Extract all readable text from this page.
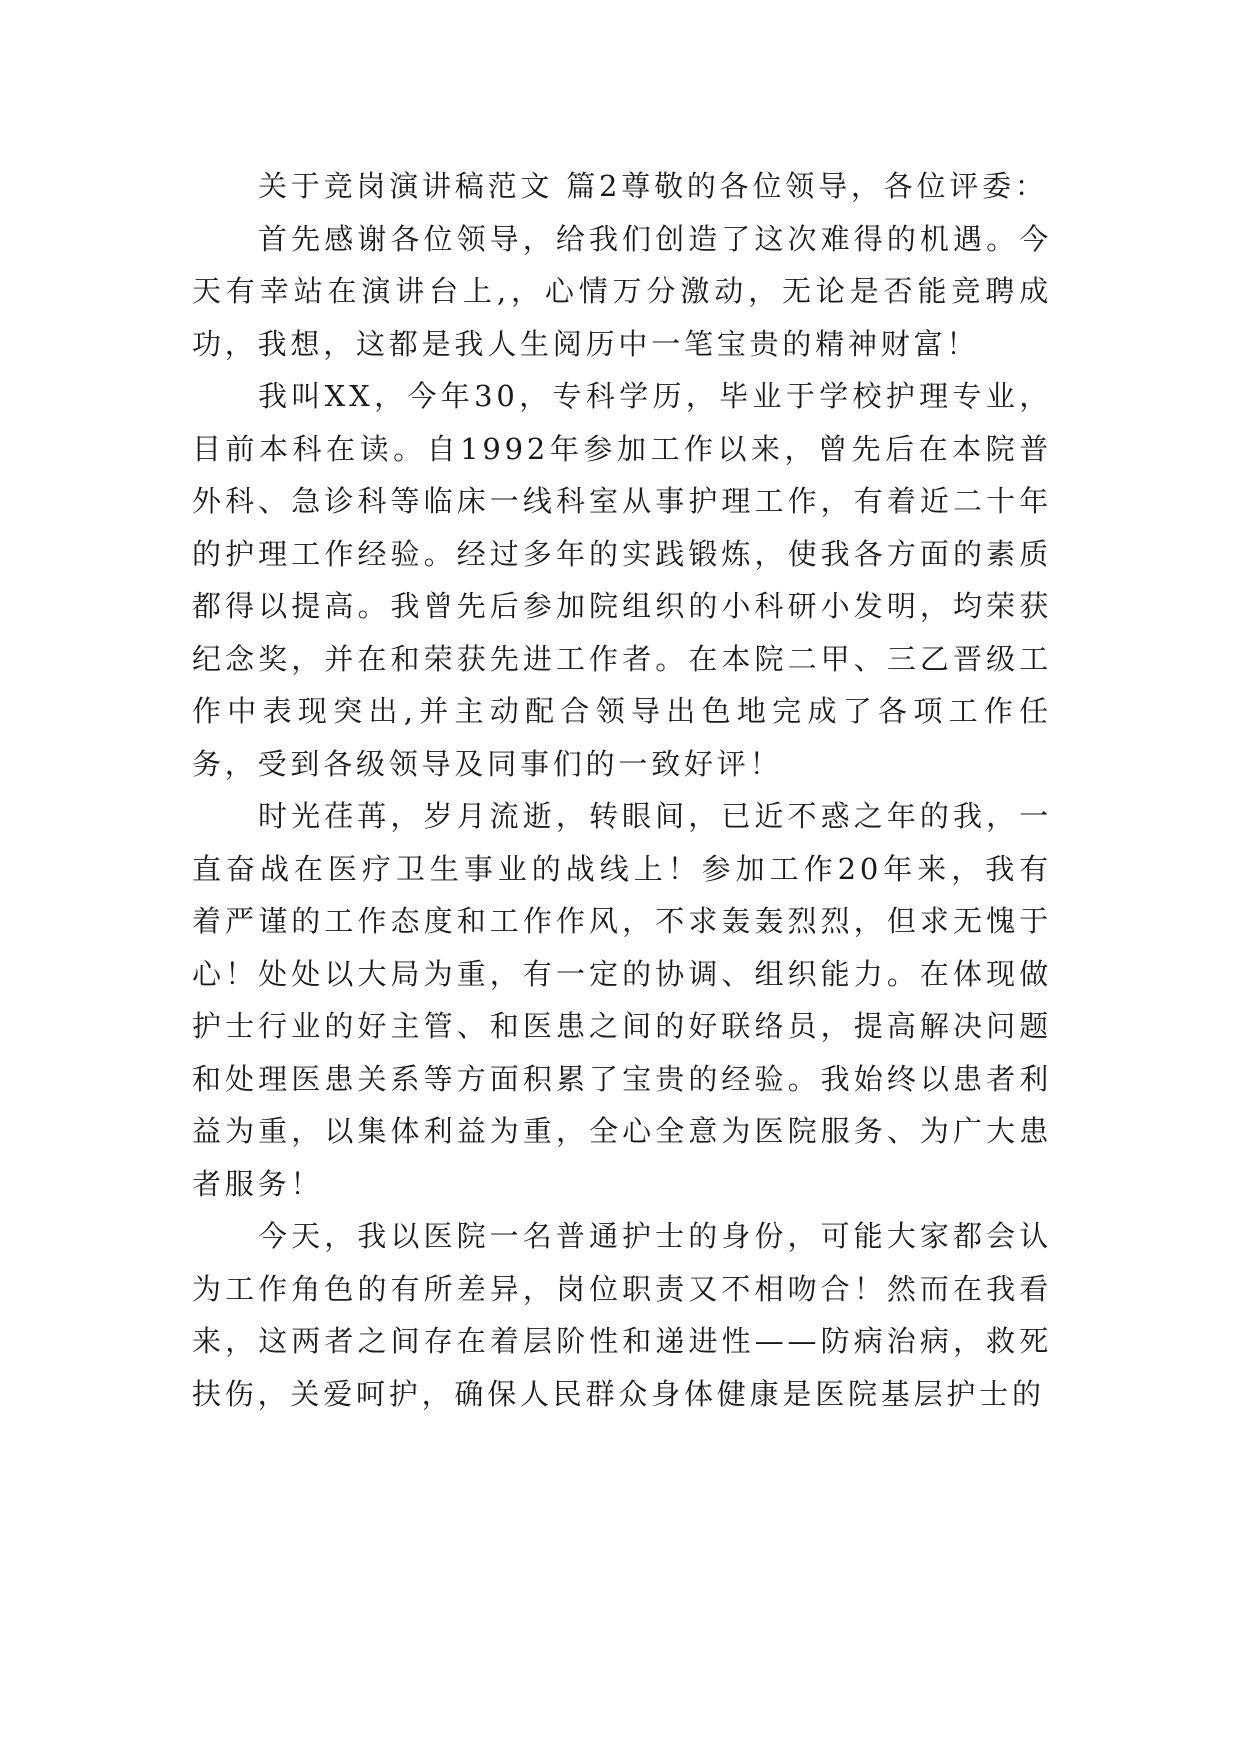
关于竞岗演讲稿范文 篇2尊敬的各位领导，各位评委：

首先感谢各位领导，给我们创造了这次难得的机遇。今天有幸站在演讲台上,，心情万分激动，无论是否能竞聘成功，我想，这都是我人生阅历中一笔宝贵的精神财富！

我叫XX，今年30，专科学历，毕业于学校护理专业，目前本科在读。自1992年参加工作以来，曾先后在本院普外科、急诊科等临床一线科室从事护理工作，有着近二十年的护理工作经验。经过多年的实践锻炼，使我各方面的素质都得以提高。我曾先后参加院组织的小科研小发明，均荣获纪念奖，并在和荣获先进工作者。在本院二甲、三乙晋级工作中表现突出,并主动配合领导出色地完成了各项工作任务，受到各级领导及同事们的一致好评！

时光荏苒，岁月流逝，转眼间，已近不惑之年的我，一直奋战在医疗卫生事业的战线上！参加工作20年来，我有着严谨的工作态度和工作作风，不求轰轰烈烈，但求无愧于心！处处以大局为重，有一定的协调、组织能力。在体现做护士行业的好主管、和医患之间的好联络员，提高解决问题和处理医患关系等方面积累了宝贵的经验。我始终以患者利益为重，以集体利益为重，全心全意为医院服务、为广大患者服务！

今天，我以医院一名普通护士的身份，可能大家都会认为工作角色的有所差异，岗位职责又不相吻合！然而在我看来，这两者之间存在着层阶性和递进性——防病治病，救死扶伤，关爱呵护，确保人民群众身体健康是医院基层护士的
